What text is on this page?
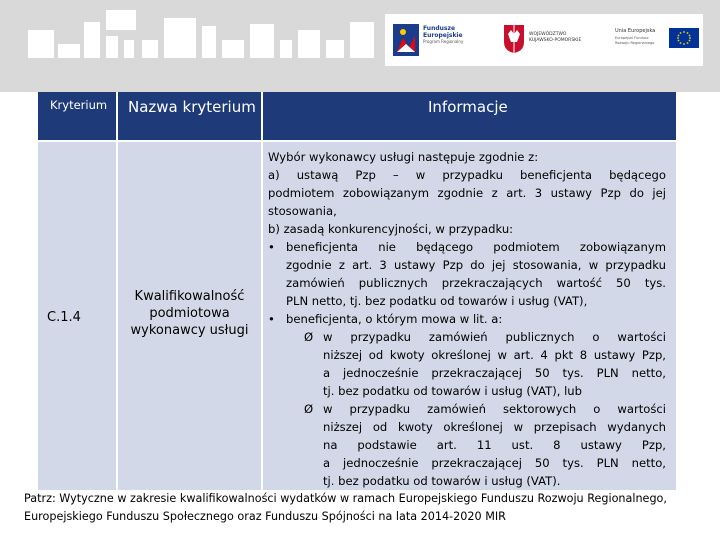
Fundusze
Europejskie
Program Regionalny
WOJEWÓDZTWO
KUJAWSKO-POMORSKIE
Unia Europejska
Europejski Fundusz
Rozwoju Regionalnego
Kryterium Nazwa kryterium	Informacje
C.1.4
Kwalifikowalność
podmiotowa
wykonawcy usługi
Wybór wykonawcy usługi następuje zgodnie z:
a) ustawą Pzp – w przypadku beneficjenta będącego
podmiotem zobowiązanym zgodnie z art. 3 ustawy Pzp do jej
stosowania,
b) zasadą konkurencyjności, w przypadku:
• beneficjenta nie będącego podmiotem zobowiązanym
zgodnie z art. 3 ustawy Pzp do jej stosowania, w przypadku
zamówień publicznych przekraczających wartość 50 tys.
PLN netto, tj. bez podatku od towarów i usług (VAT),
• beneficjenta, o którym mowa w lit. a:
Ø w przypadku zamówień publicznych o wartości
niższej od kwoty określonej w art. 4 pkt 8 ustawy Pzp,
a jednocześnie przekraczającej 50 tys. PLN netto,
tj. bez podatku od towarów i usług (VAT), lub
Ø w przypadku zamówień sektorowych o wartości
niższej od kwoty określonej w przepisach wydanych
na podstawie art. 11 ust. 8 ustawy Pzp,
a jednocześnie przekraczającej 50 tys. PLN netto,
tj. bez podatku od towarów i usług (VAT).
Patrz: Wytyczne w zakresie kwalifikowalności wydatków w ramach Europejskiego Funduszu Rozwoju Regionalnego,
Europejskiego Funduszu Społecznego oraz Funduszu Spójności na lata 2014-2020 MIR
